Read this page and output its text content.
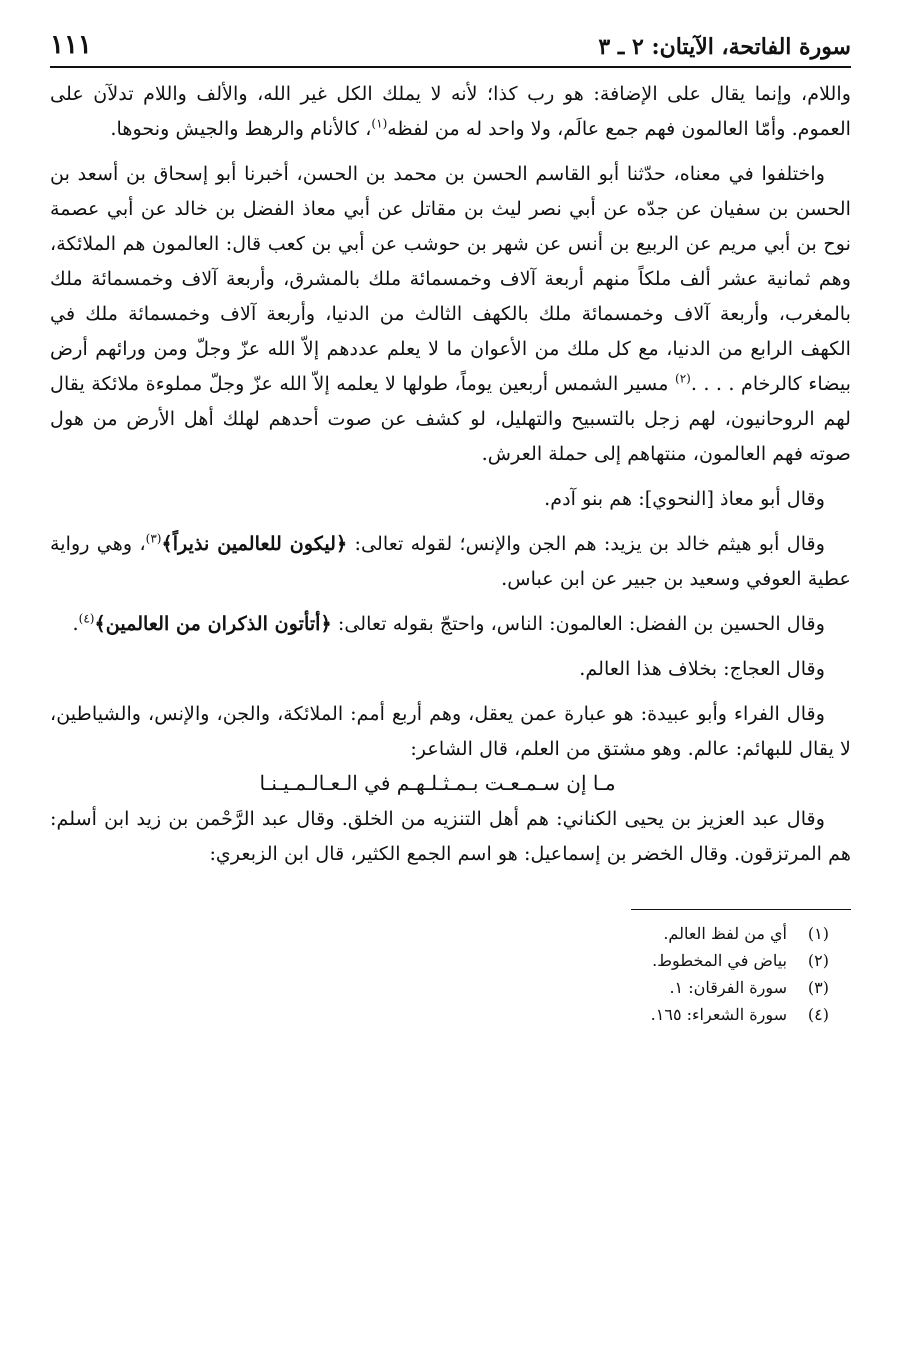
سورة الفاتحة، الآيتان: ٢ ـ ٣
١١١

واللام، وإنما يقال على الإضافة: هو رب كذا؛ لأنه لا يملك الكل غير الله، والألف واللام تدلآن على العموم. وأمّا العالمون فهم جمع عالَم، ولا واحد له من لفظه$^{(١)}$، كالأنام والرهط والجيش ونحوها.

واختلفوا في معناه، حدّثنا أبو القاسم الحسن بن محمد بن الحسن، أخبرنا أبو إسحاق بن أسعد بن الحسن بن سفيان عن جدّه عن أبي نصر ليث بن مقاتل عن أبي معاذ الفضل بن خالد عن أبي عصمة نوح بن أبي مريم عن الربيع بن أنس عن شهر بن حوشب عن أبي بن كعب قال: العالمون هم الملائكة، وهم ثمانية عشر ألف ملكاً منهم أربعة آلاف وخمسمائة ملك بالمشرق، وأربعة آلاف وخمسمائة ملك بالمغرب، وأربعة آلاف وخمسمائة ملك بالكهف الثالث من الدنيا، وأربعة آلاف وخمسمائة ملك في الكهف الرابع من الدنيا، مع كل ملك من الأعوان ما لا يعلم عددهم إلاّ الله عزّ وجلّ ومن ورائهم أرض بيضاء كالرخام . . . .$^{(٢)}$ مسير الشمس أربعين يوماً، طولها لا يعلمه إلاّ الله عزّ وجلّ مملوءة ملائكة يقال لهم الروحانيون، لهم زجل بالتسبيح والتهليل، لو كشف عن صوت أحدهم لهلك أهل الأرض من هول صوته فهم العالمون، منتهاهم إلى حملة العرش.

وقال أبو معاذ [النحوي]: هم بنو آدم.

وقال أبو هيثم خالد بن يزيد: هم الجن والإنس؛ لقوله تعالى: ﴿ليكون للعالمين نذيراً﴾$^{(٣)}$، وهي رواية عطية العوفي وسعيد بن جبير عن ابن عباس.

وقال الحسين بن الفضل: العالمون: الناس، واحتجّ بقوله تعالى: ﴿أتأتون الذكران من العالمين﴾$^{(٤)}$.

وقال العجاج: بخلاف هذا العالم.

وقال الفراء وأبو عبيدة: هو عبارة عمن يعقل، وهم أربع أمم: الملائكة، والجن، والإنس، والشياطين، لا يقال للبهائم: عالم. وهو مشتق من العلم، قال الشاعر:

مـا إن سـمـعـت بـمـثـلـهـم في الـعـالـمـيـنـا

وقال عبد العزيز بن يحيى الكناني: هم أهل التنزيه من الخلق. وقال عبد الرَّحْمن بن زيد ابن أسلم: هم المرتزقون. وقال الخضر بن إسماعيل: هو اسم الجمع الكثير، قال ابن الزبعري:

(١)
أي من لفظ العالم.
(٢)
بياض في المخطوط.
(٣)
سورة الفرقان: ١.
(٤)
سورة الشعراء: ١٦٥.
